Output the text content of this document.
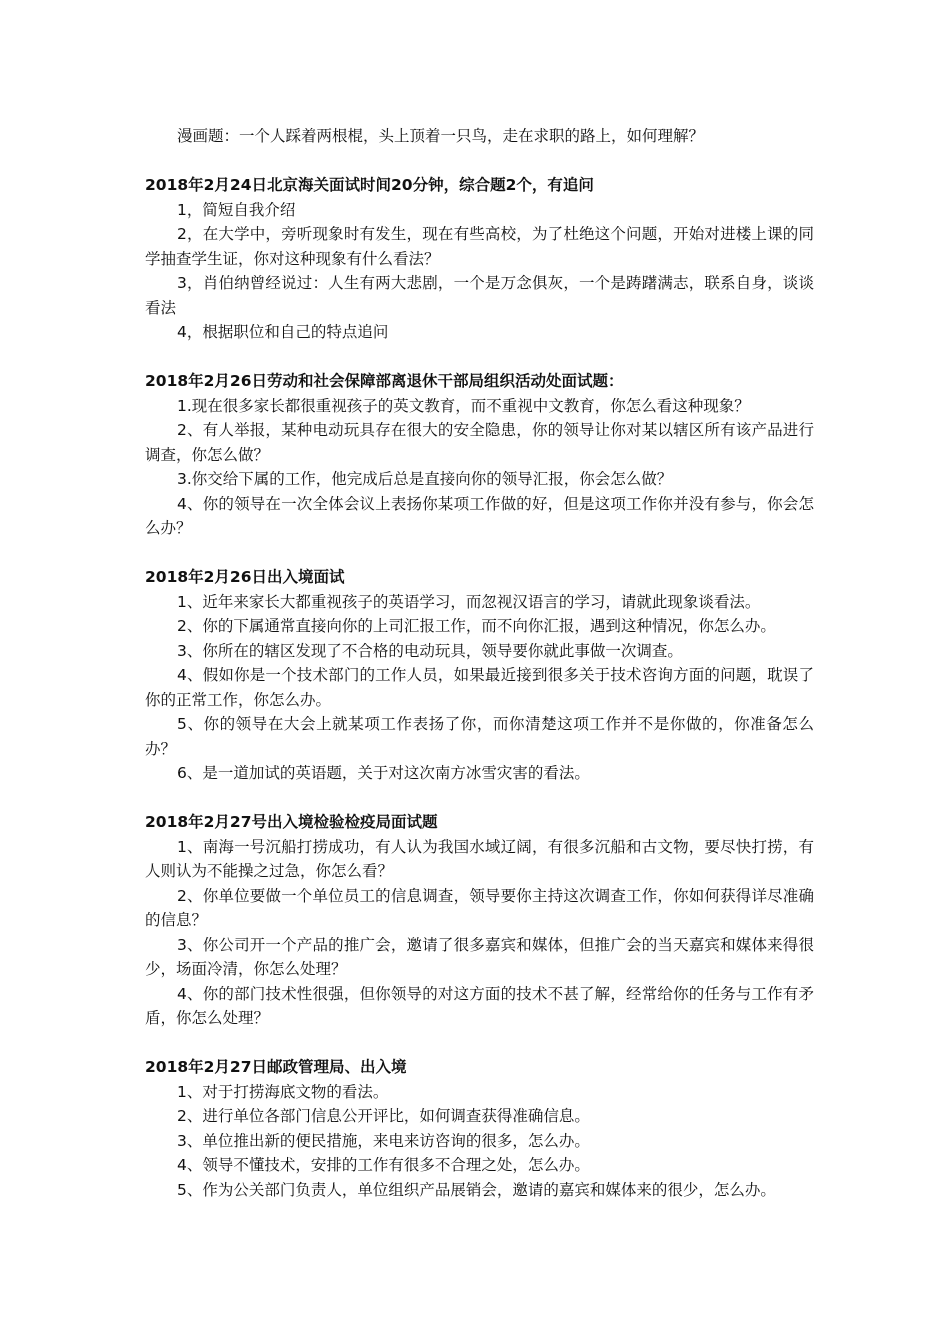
漫画题：一个人踩着两根棍，头上顶着一只鸟，走在求职的路上，如何理解？

2018年2月24日北京海关面试时间20分钟，综合题2个，有追问

1，简短自我介绍

2，在大学中，旁听现象时有发生，现在有些高校，为了杜绝这个问题，开始对进楼上课的同学抽查学生证，你对这种现象有什么看法？

3，肖伯纳曾经说过：人生有两大悲剧，一个是万念俱灰，一个是踌躇满志，联系自身，谈谈看法

4，根据职位和自己的特点追问

2018年2月26日劳动和社会保障部离退休干部局组织活动处面试题：

1.现在很多家长都很重视孩子的英文教育，而不重视中文教育，你怎么看这种现象？

2、有人举报，某种电动玩具存在很大的安全隐患，你的领导让你对某以辖区所有该产品进行调查，你怎么做？

3.你交给下属的工作，他完成后总是直接向你的领导汇报，你会怎么做？

4、你的领导在一次全体会议上表扬你某项工作做的好，但是这项工作你并没有参与，你会怎么办？

2018年2月26日出入境面试

1、近年来家长大都重视孩子的英语学习，而忽视汉语言的学习，请就此现象谈看法。

2、你的下属通常直接向你的上司汇报工作，而不向你汇报，遇到这种情况，你怎么办。

3、你所在的辖区发现了不合格的电动玩具，领导要你就此事做一次调查。

4、假如你是一个技术部门的工作人员，如果最近接到很多关于技术咨询方面的问题，耽误了你的正常工作，你怎么办。

5、你的领导在大会上就某项工作表扬了你，而你清楚这项工作并不是你做的，你准备怎么办？

6、是一道加试的英语题，关于对这次南方冰雪灾害的看法。

2018年2月27号出入境检验检疫局面试题

1、南海一号沉船打捞成功，有人认为我国水域辽阔，有很多沉船和古文物，要尽快打捞，有人则认为不能操之过急，你怎么看？

2、你单位要做一个单位员工的信息调查，领导要你主持这次调查工作，你如何获得详尽准确的信息？

3、你公司开一个产品的推广会，邀请了很多嘉宾和媒体，但推广会的当天嘉宾和媒体来得很少，场面冷清，你怎么处理？

4、你的部门技术性很强，但你领导的对这方面的技术不甚了解，经常给你的任务与工作有矛盾，你怎么处理？

2018年2月27日邮政管理局、出入境

1、对于打捞海底文物的看法。

2、进行单位各部门信息公开评比，如何调查获得准确信息。

3、单位推出新的便民措施，来电来访咨询的很多，怎么办。

4、领导不懂技术，安排的工作有很多不合理之处，怎么办。

5、作为公关部门负责人，单位组织产品展销会，邀请的嘉宾和媒体来的很少，怎么办。
